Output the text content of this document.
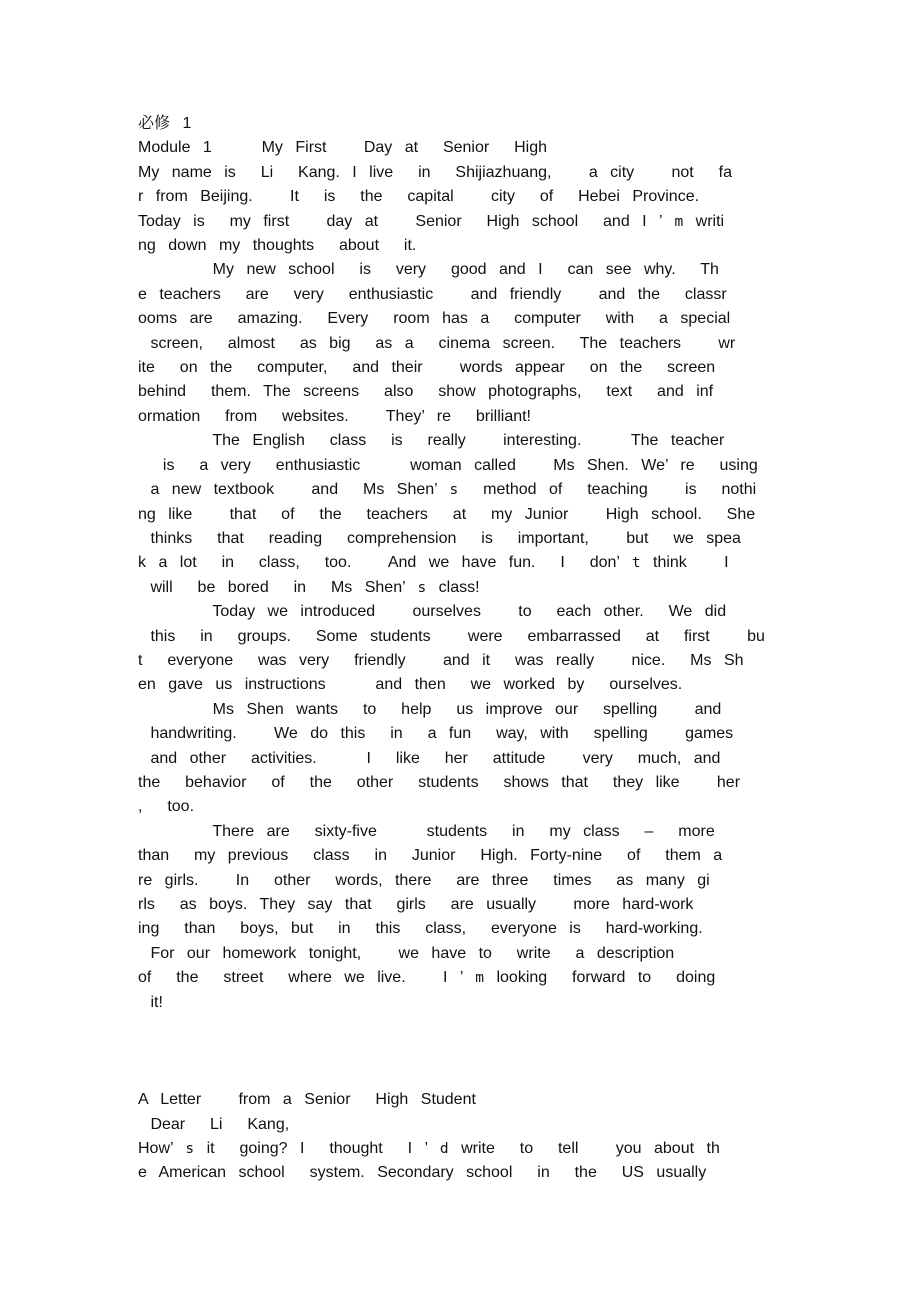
必修 1
Module 1    My First   Day at  Senior  High
My name is  Li  Kang. I live  in  Shijiazhuang,   a city   not  fa
r from Beijing.   It  is  the  capital   city  of  Hebei Province.
Today is  my first   day at   Senior  High school  and I ’ m writi
ng down my thoughts  about  it.
My new school  is  very  good and I  can see why.  Th
e teachers  are  very  enthusiastic   and friendly   and the  classr
ooms are  amazing.  Every  room has a  computer  with  a special
screen,  almost  as big  as a  cinema screen.  The teachers   wr
ite  on the  computer,  and their   words appear  on the  screen
behind  them. The screens  also  show photographs,  text  and inf
ormation  from  websites.   They’ re  brilliant!
The English  class  is  really   interesting.    The teacher
is  a very  enthusiastic    woman called   Ms Shen. We’ re  using
a new textbook   and  Ms Shen’ s  method of  teaching   is  nothi
ng like   that  of  the  teachers  at  my Junior   High school.  She
thinks  that  reading  comprehension  is  important,   but  we spea
k a lot  in  class,  too.   And we have fun.  I  don’ t think   I
will  be bored  in  Ms Shen’ s class!
Today we introduced   ourselves   to  each other.  We did
this  in  groups.  Some students   were  embarrassed  at  first   bu
t  everyone  was very  friendly   and it  was really   nice.  Ms Sh
en gave us instructions    and then  we worked by  ourselves.
Ms Shen wants  to  help  us improve our  spelling   and
handwriting.   We do this  in  a fun  way, with  spelling   games
and other  activities.    I  like  her  attitude   very  much, and
the  behavior  of  the  other  students  shows that  they like   her
,  too.
There are  sixty-five    students  in  my class  –  more
than  my previous  class  in  Junior  High. Forty-nine  of  them a
re girls.   In  other  words, there  are three  times  as many gi
rls  as boys. They say that  girls  are usually   more hard-work
ing  than  boys, but  in  this  class,  everyone is  hard-working.
For our homework tonight,   we have to  write  a description
of  the  street  where we live.   I ’ m looking  forward to  doing
it!

A Letter   from a Senior  High Student
Dear  Li  Kang,
How’ s it  going? I  thought  I ’ d write  to  tell   you about th
e American school  system. Secondary school  in  the  US usually
